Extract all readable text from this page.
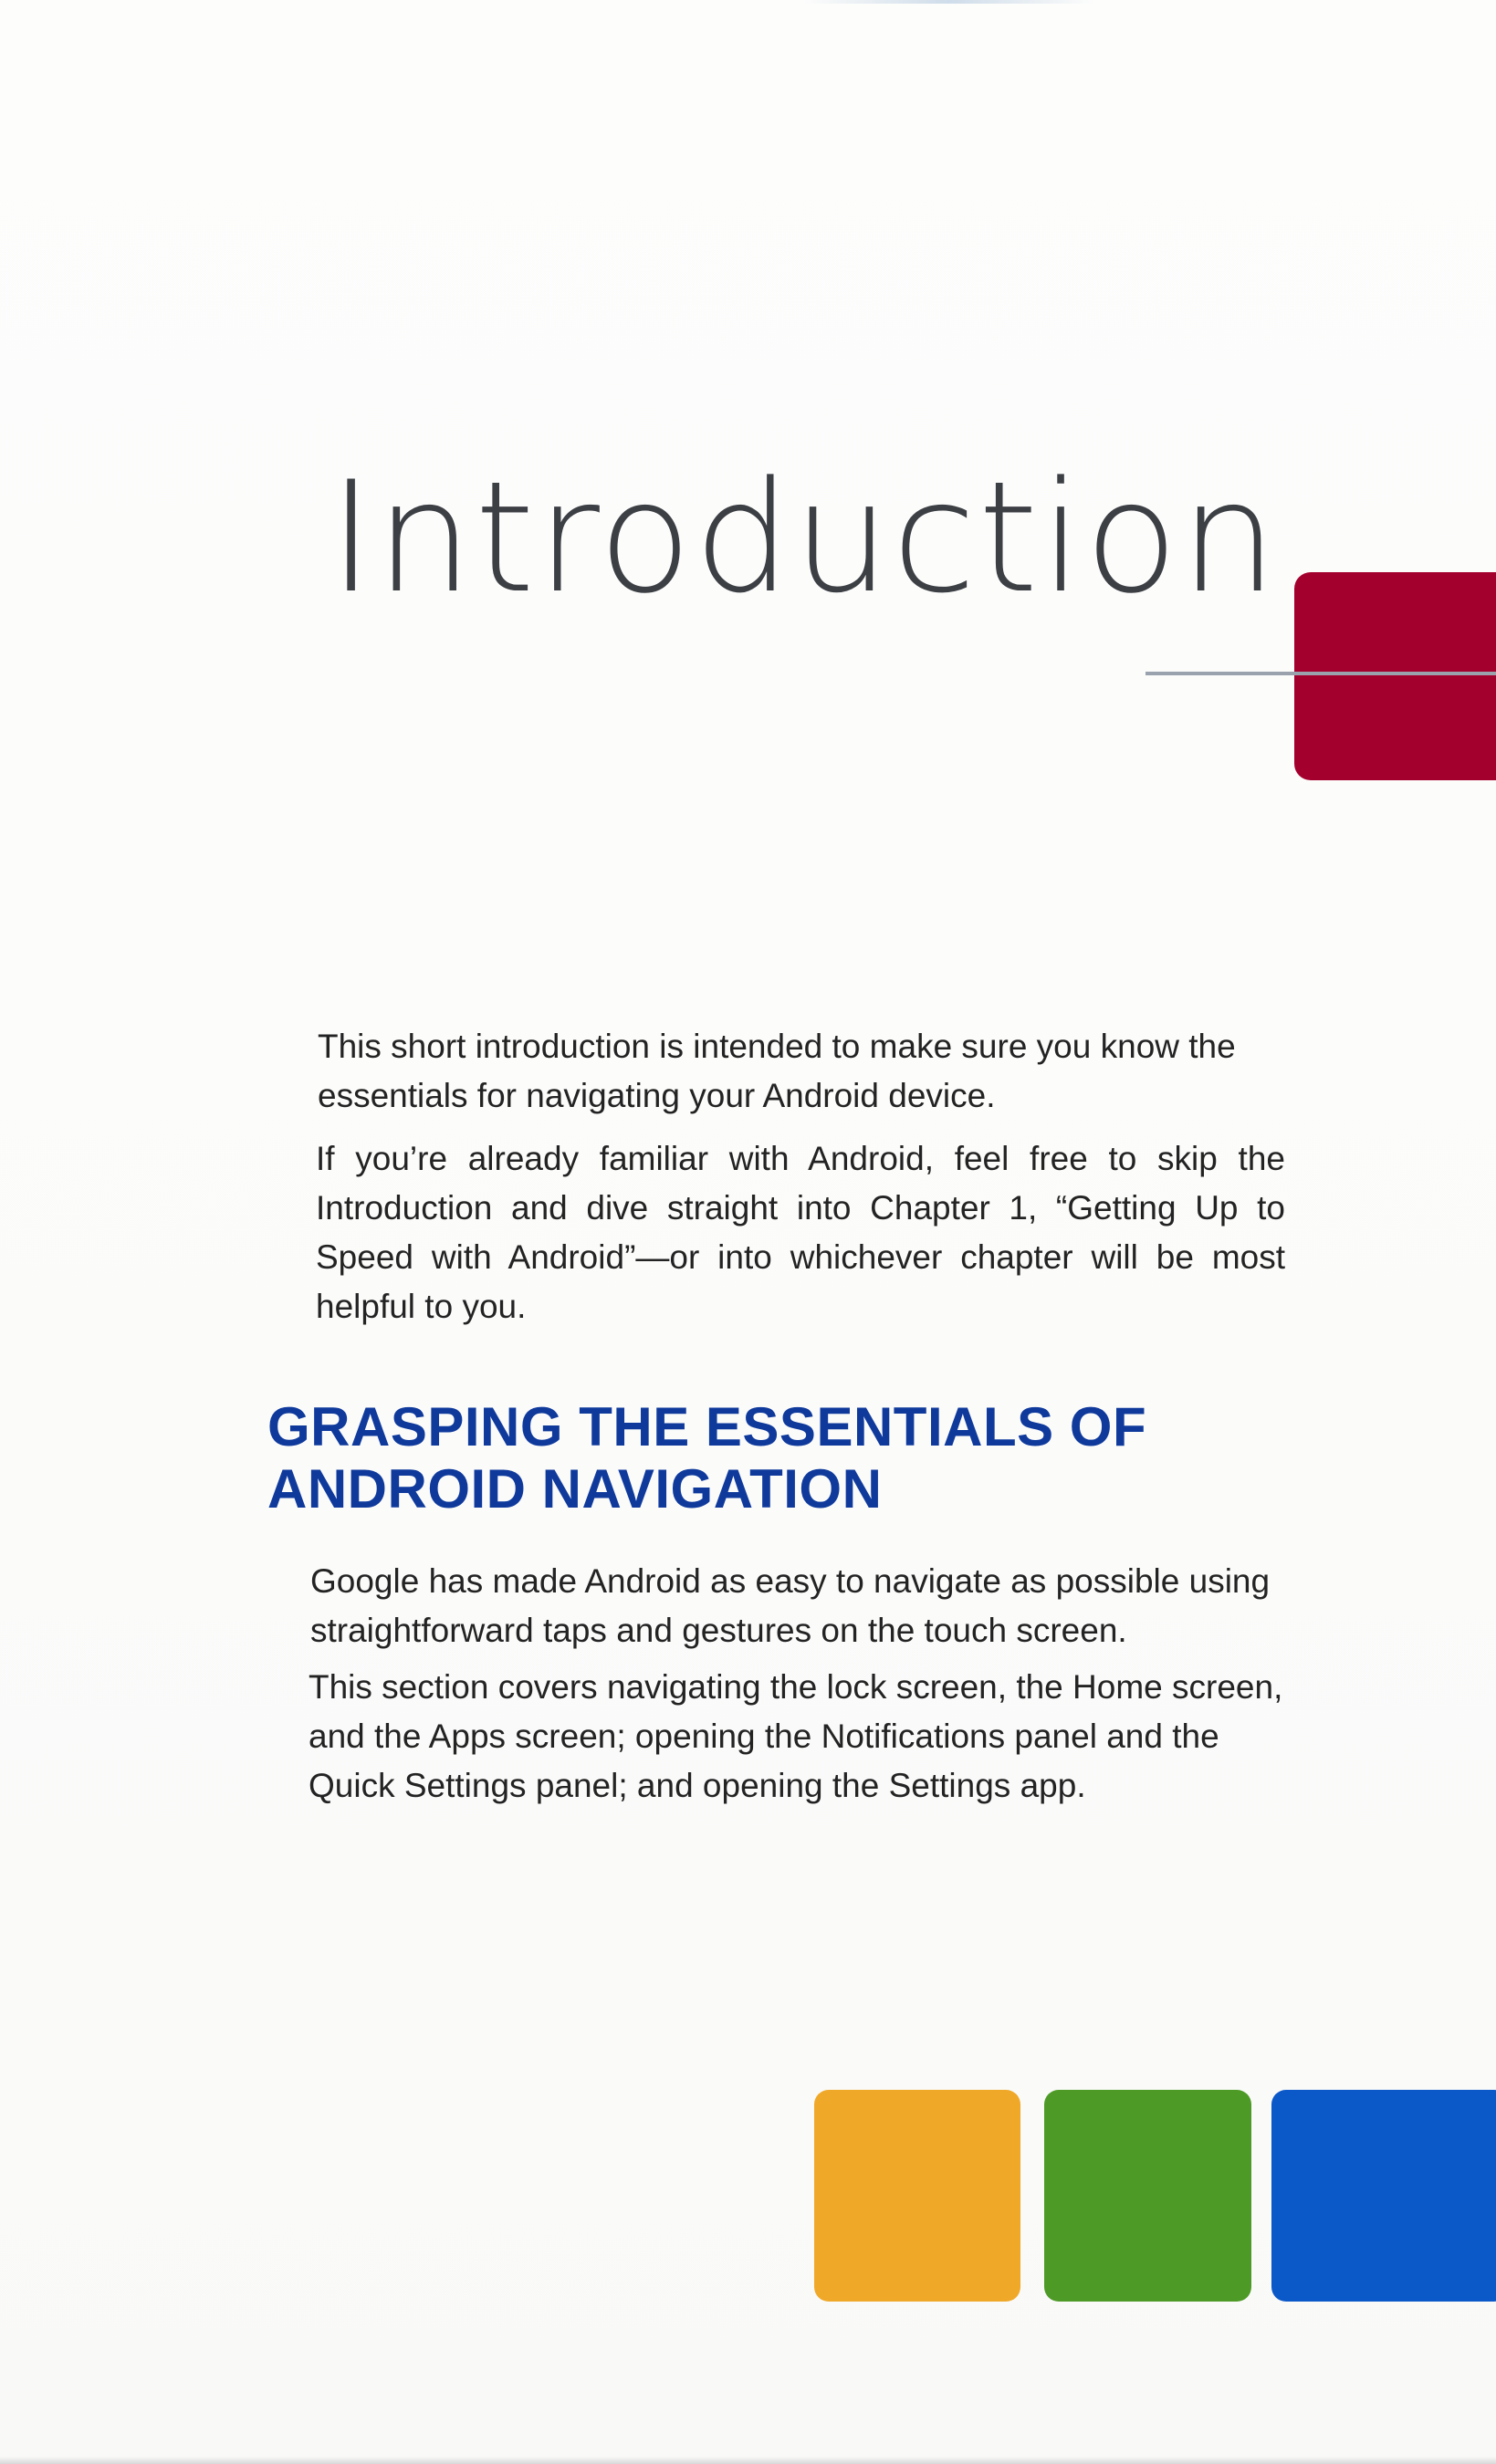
Introduction

This short introduction is intended to make sure you know the essentials for navigating your Android device.

If you’re already familiar with Android, feel free to skip the Introduction and dive straight into Chapter 1, “Getting Up to Speed with Android”—or into whichever chapter will be most helpful to you.

GRASPING THE ESSENTIALS OF ANDROID NAVIGATION

Google has made Android as easy to navigate as possible using straightforward taps and gestures on the touch screen.

This section covers navigating the lock screen, the Home screen, and the Apps screen; opening the Notifications panel and the Quick Settings panel; and opening the Settings app.
